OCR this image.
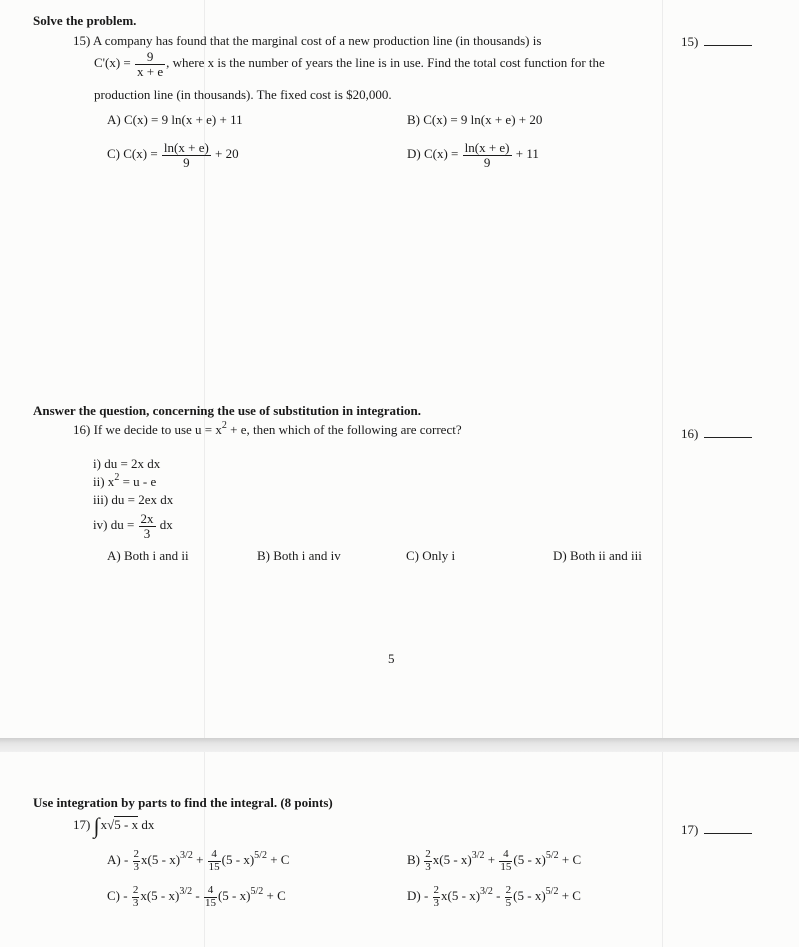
Solve the problem.
15) A company has found that the marginal cost of a new production line (in thousands) is	15)
$C'(x) = \frac{9}{x + e}$ , where x is the number of years the line is in use. Find the total cost function for the
production line (in thousands). The fixed cost is $20,000.
A) C(x) = 9 ln(x + e) + 11	B) C(x) = 9 ln(x + e) + 20
C) $C(x) = \frac{\ln(x + e)}{9} + 20$	D) $C(x) = \frac{\ln(x + e)}{9} + 11$
Answer the question, concerning the use of substitution in integration.
16) If we decide to use $u = x^2 + e$, then which of the following are correct?	16)
i) du = 2x dx
ii) $x^2 = u - e$
iii) du = 2ex dx
iv) du = $\frac{2x}{3}$ dx
A) Both i and ii	B) Both i and iv	C) Only i	D) Both ii and iii
5
Use integration by parts to find the integral. (8 points)
17) ∫x√5 - x dx	17)
$A) - \frac{2}{3} x(5 - x)^{3/2} + \frac{4}{15} (5 - x)^{5/2} + C$	$B) \frac{2}{3} x(5 - x)^{3/2} + \frac{4}{15} (5 - x)^{5/2} + C$
$C) - \frac{2}{3} x(5 - x)^{3/2} - \frac{4}{15} (5 - x)^{5/2} + C$	$D) - \frac{2}{3} x(5 - x)^{3/2} - \frac{2}{5} (5 - x)^{5/2} + C$
